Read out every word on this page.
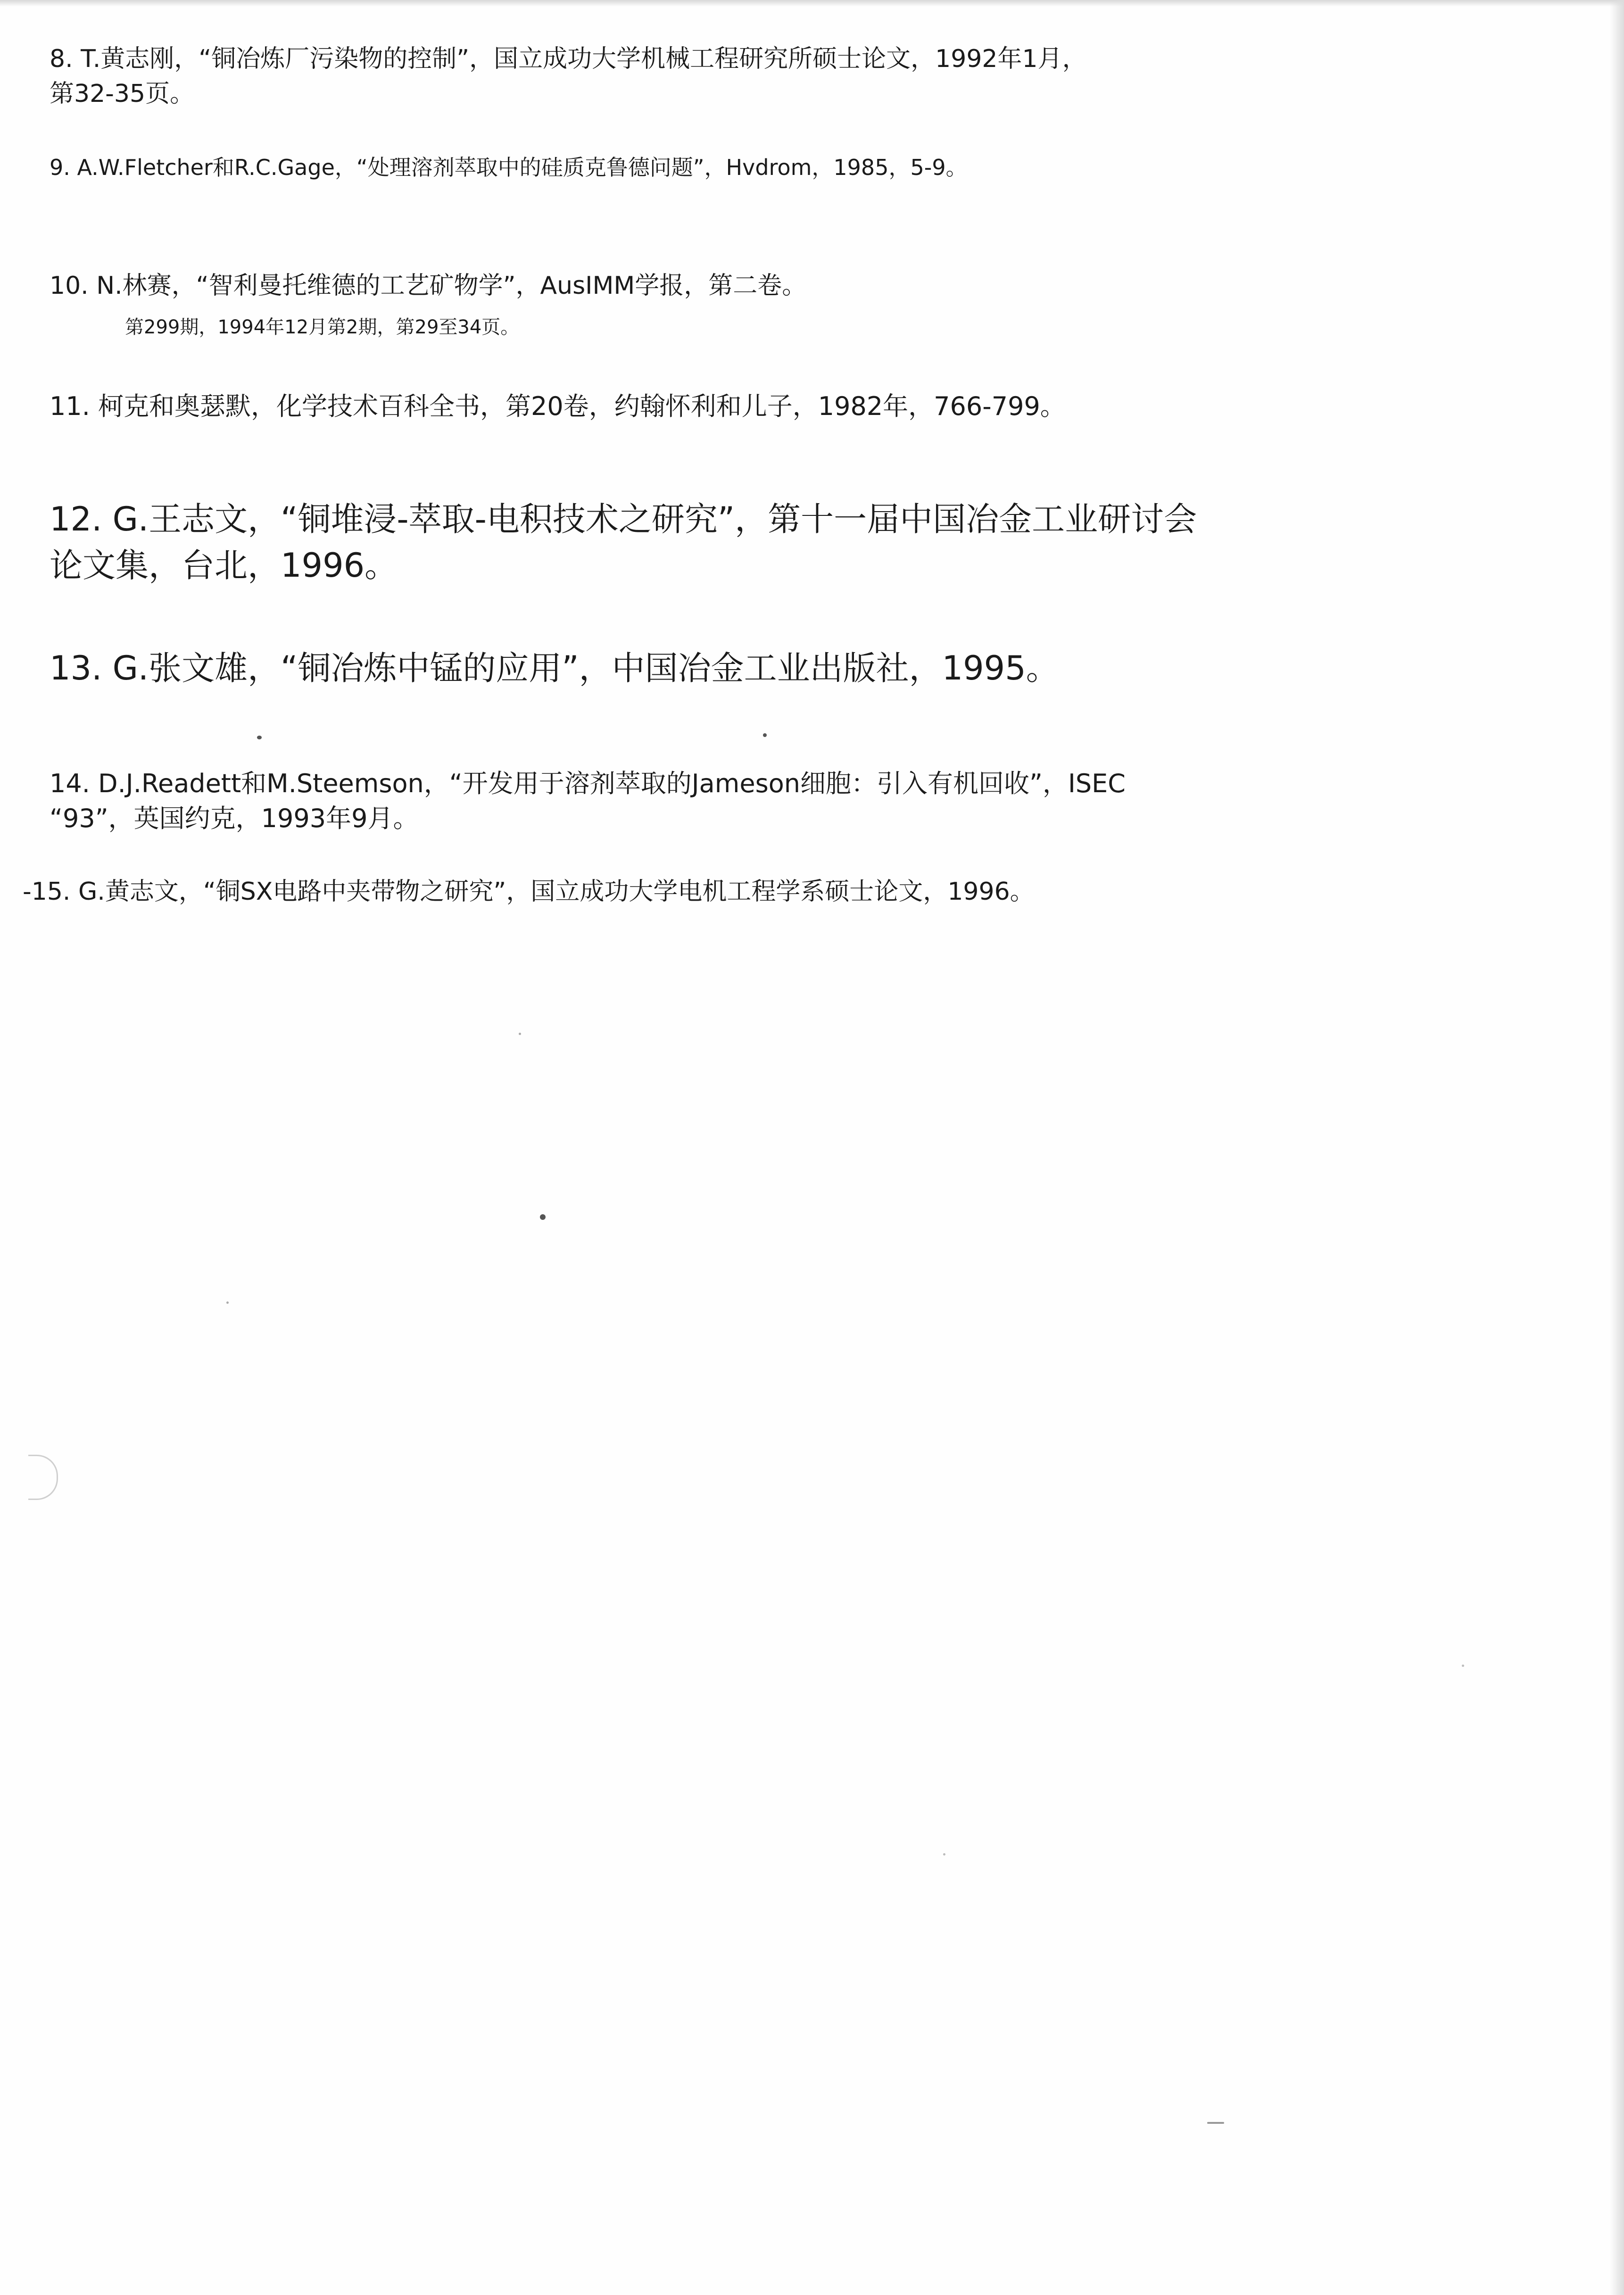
8. T.黄志刚，“铜冶炼厂污染物的控制”，国立成功大学机械工程研究所硕士论文，1992年1月，
第32-35页。
9. A.W.Fletcher和R.C.Gage，“处理溶剂萃取中的硅质克鲁德问题”，Hvdrom，1985，5-9。
10. N.林赛，“智利曼托维德的工艺矿物学”，AusIMM学报，第二卷。
第299期，1994年12月第2期，第29至34页。
11. 柯克和奥瑟默，化学技术百科全书，第20卷，约翰怀利和儿子，1982年，766-799。
12. G.王志文，“铜堆浸-萃取-电积技术之研究”，第十一届中国冶金工业研讨会
论文集，台北，1996。
13. G.张文雄，“铜冶炼中锰的应用”，中国冶金工业出版社，1995。
14. D.J.Readett和M.Steemson，“开发用于溶剂萃取的Jameson细胞：引入有机回收”，ISEC
“93”，英国约克，1993年9月。
-15. G.黄志文，“铜SX电路中夹带物之研究”，国立成功大学电机工程学系硕士论文，1996。
